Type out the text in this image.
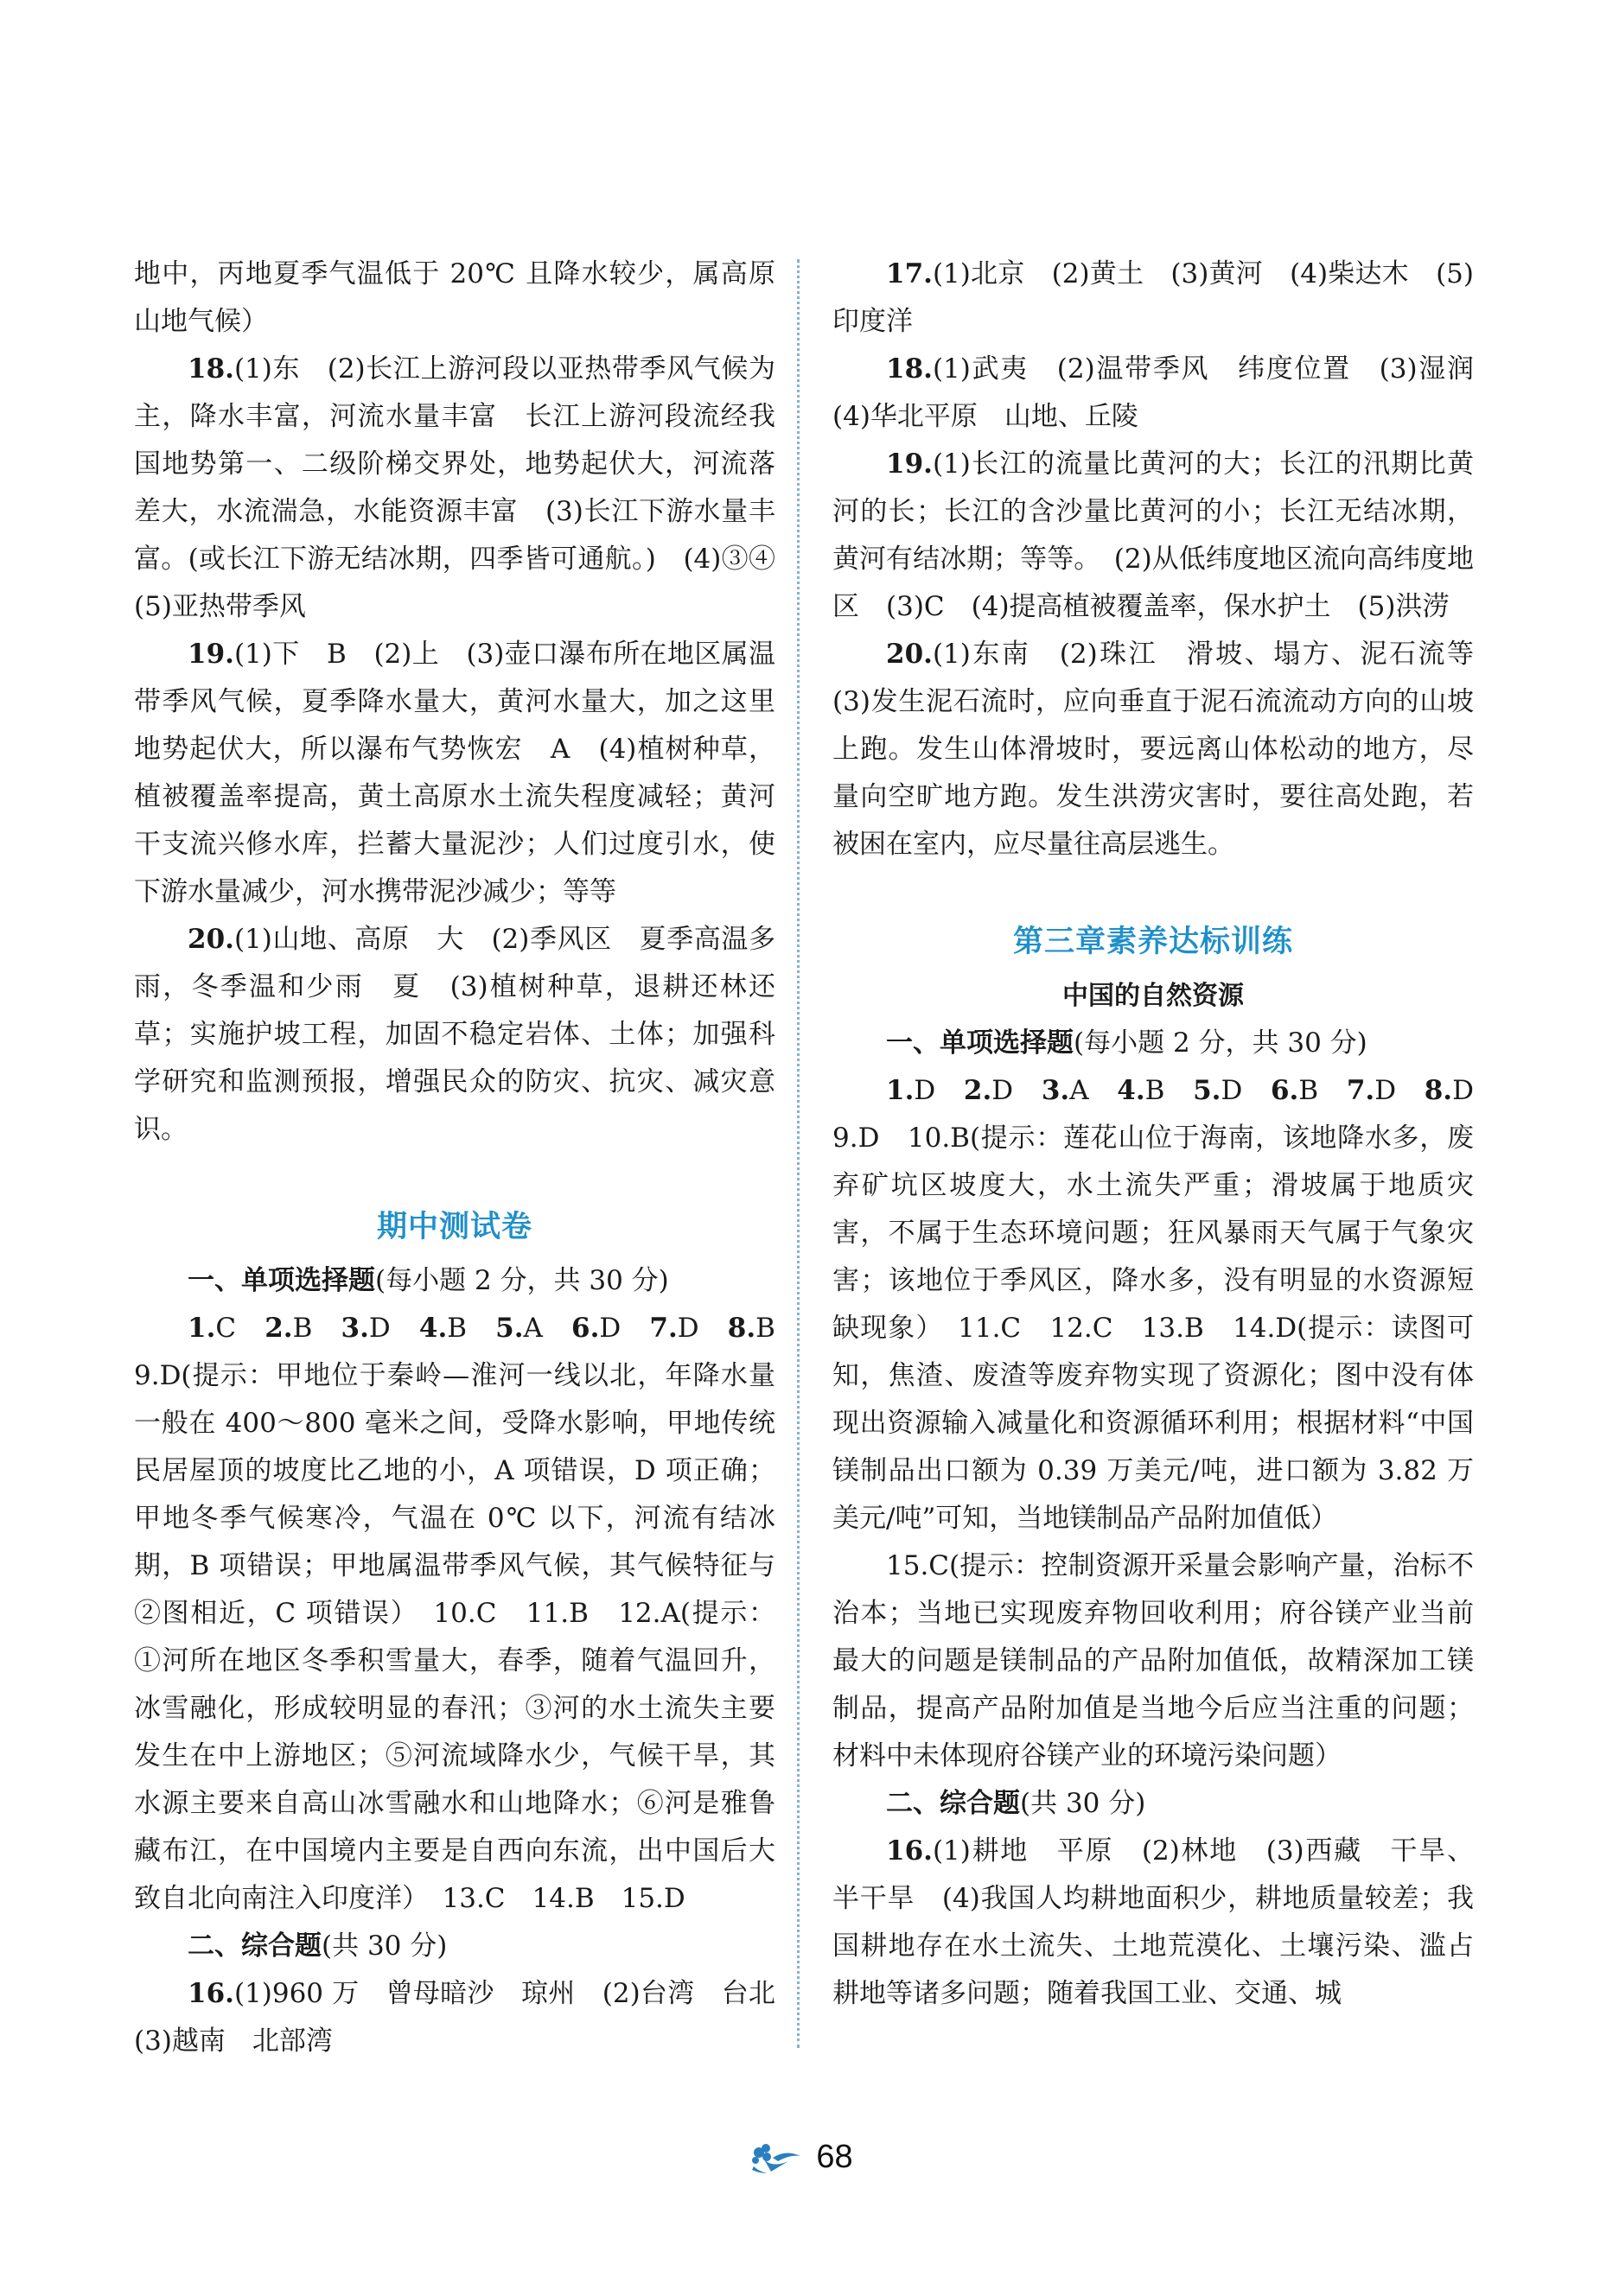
地中，丙地夏季气温低于 20℃ 且降水较少，属高原山地气候）

18.(1)东　(2)长江上游河段以亚热带季风气候为主，降水丰富，河流水量丰富　长江上游河段流经我国地势第一、二级阶梯交界处，地势起伏大，河流落差大，水流湍急，水能资源丰富　(3)长江下游水量丰富。(或长江下游无结冰期，四季皆可通航。)　(4)③④　(5)亚热带季风

19.(1)下　B　(2)上　(3)壶口瀑布所在地区属温带季风气候，夏季降水量大，黄河水量大，加之这里地势起伏大，所以瀑布气势恢宏　A　(4)植树种草，植被覆盖率提高，黄土高原水土流失程度减轻；黄河干支流兴修水库，拦蓄大量泥沙；人们过度引水，使下游水量减少，河水携带泥沙减少；等等

20.(1)山地、高原　大　(2)季风区　夏季高温多雨，冬季温和少雨　夏　(3)植树种草，退耕还林还草；实施护坡工程，加固不稳定岩体、土体；加强科学研究和监测预报，增强民众的防灾、抗灾、减灾意识。

期中测试卷

一、单项选择题(每小题 2 分，共 30 分)

1.C 2.B 3.D 4.B 5.A 6.D 7.D 8.B

9.D(提示：甲地位于秦岭—淮河一线以北，年降水量一般在 400～800 毫米之间，受降水影响，甲地传统民居屋顶的坡度比乙地的小，A 项错误，D 项正确；甲地冬季气候寒冷，气温在 0℃ 以下，河流有结冰期，B 项错误；甲地属温带季风气候，其气候特征与②图相近，C 项错误）　10.C　11.B　12.A(提示：①河所在地区冬季积雪量大，春季，随着气温回升，冰雪融化，形成较明显的春汛；③河的水土流失主要发生在中上游地区；⑤河流域降水少，气候干旱，其水源主要来自高山冰雪融水和山地降水；⑥河是雅鲁藏布江，在中国境内主要是自西向东流，出中国后大致自北向南注入印度洋）　13.C　14.B　15.D

二、综合题(共 30 分)

16.(1)960 万　曾母暗沙　琼州　(2)台湾　台北　(3)越南　北部湾

17.(1)北京　(2)黄土　(3)黄河　(4)柴达木　(5)印度洋

18.(1)武夷　(2)温带季风　纬度位置　(3)湿润　(4)华北平原　山地、丘陵

19.(1)长江的流量比黄河的大；长江的汛期比黄河的长；长江的含沙量比黄河的小；长江无结冰期，黄河有结冰期；等等。　(2)从低纬度地区流向高纬度地区　(3)C　(4)提高植被覆盖率，保水护土　(5)洪涝

20.(1)东南　(2)珠江　滑坡、塌方、泥石流等　(3)发生泥石流时，应向垂直于泥石流流动方向的山坡上跑。发生山体滑坡时，要远离山体松动的地方，尽量向空旷地方跑。发生洪涝灾害时，要往高处跑，若被困在室内，应尽量往高层逃生。

第三章素养达标训练
中国的自然资源

一、单项选择题(每小题 2 分，共 30 分)

1.D 2.D 3.A 4.B 5.D 6.B 7.D 8.D

9.D　10.B(提示：莲花山位于海南，该地降水多，废弃矿坑区坡度大，水土流失严重；滑坡属于地质灾害，不属于生态环境问题；狂风暴雨天气属于气象灾害；该地位于季风区，降水多，没有明显的水资源短缺现象）　11.C　12.C　13.B　14.D(提示：读图可知，焦渣、废渣等废弃物实现了资源化；图中没有体现出资源输入减量化和资源循环利用；根据材料“中国镁制品出口额为 0.39 万美元/吨，进口额为 3.82 万美元/吨”可知，当地镁制品产品附加值低）

15.C(提示：控制资源开采量会影响产量，治标不治本；当地已实现废弃物回收利用；府谷镁产业当前最大的问题是镁制品的产品附加值低，故精深加工镁制品，提高产品附加值是当地今后应当注重的问题；材料中未体现府谷镁产业的环境污染问题）

二、综合题(共 30 分)

16.(1)耕地　平原　(2)林地　(3)西藏　干旱、半干旱　(4)我国人均耕地面积少，耕地质量较差；我国耕地存在水土流失、土地荒漠化、土壤污染、滥占耕地等诸多问题；随着我国工业、交通、城

68
